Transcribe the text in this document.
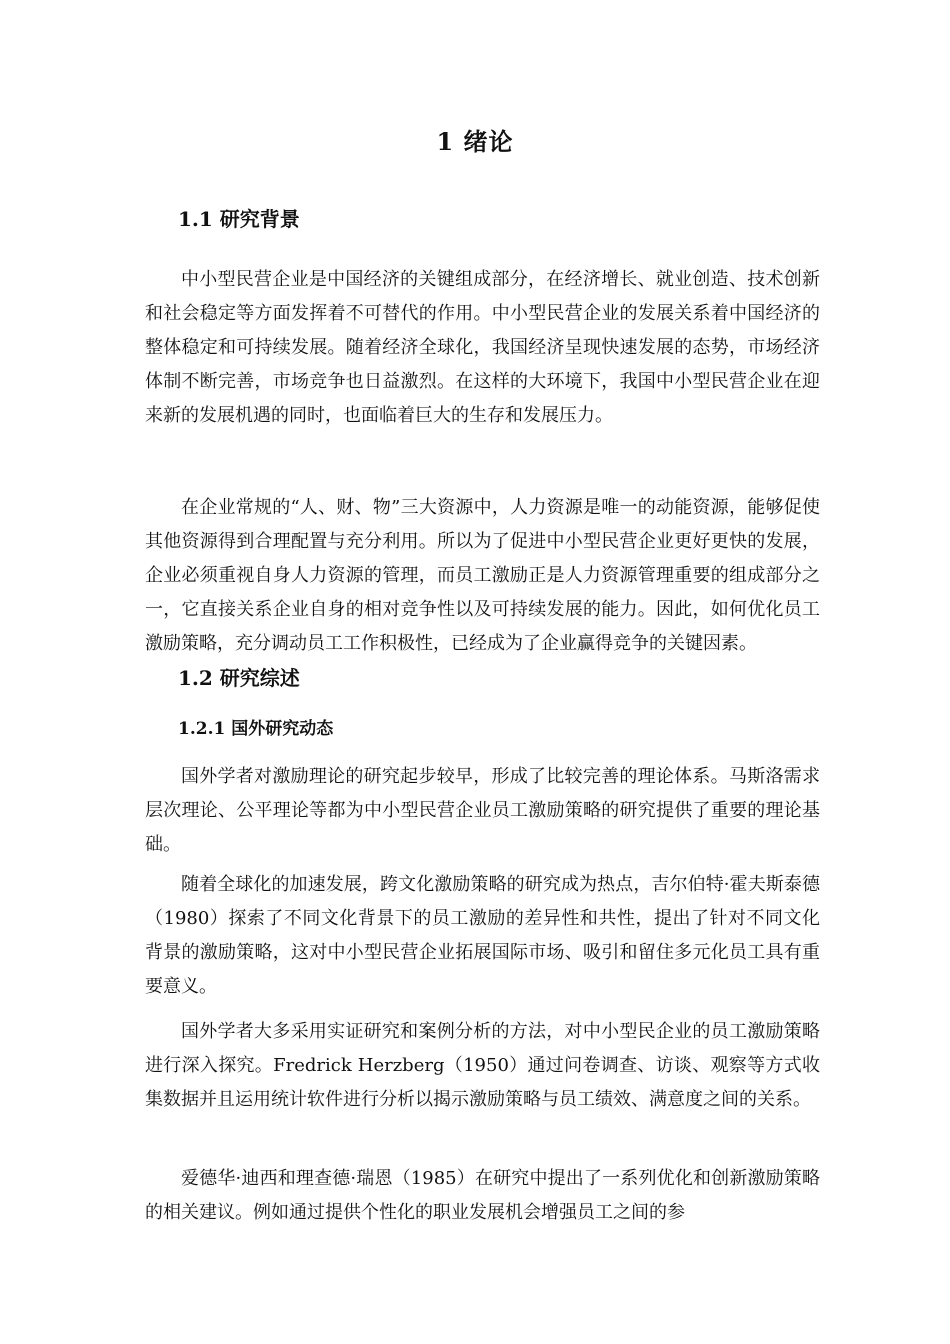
1 绪论
1.1 研究背景

中小型民营企业是中国经济的关键组成部分，在经济增长、就业创造、技术创新和社会稳定等方面发挥着不可替代的作用。中小型民营企业的发展关系着中国经济的整体稳定和可持续发展。随着经济全球化，我国经济呈现快速发展的态势，市场经济体制不断完善，市场竞争也日益激烈。在这样的大环境下，我国中小型民营企业在迎来新的发展机遇的同时，也面临着巨大的生存和发展压力。

在企业常规的“人、财、物”三大资源中，人力资源是唯一的动能资源，能够促使其他资源得到合理配置与充分利用。所以为了促进中小型民营企业更好更快的发展，企业必须重视自身人力资源的管理，而员工激励正是人力资源管理重要的组成部分之一，它直接关系企业自身的相对竞争性以及可持续发展的能力。因此，如何优化员工激励策略，充分调动员工工作积极性，已经成为了企业赢得竞争的关键因素。

1.2 研究综述
1.2.1 国外研究动态

国外学者对激励理论的研究起步较早，形成了比较完善的理论体系。马斯洛需求层次理论、公平理论等都为中小型民营企业员工激励策略的研究提供了重要的理论基础。

随着全球化的加速发展，跨文化激励策略的研究成为热点，吉尔伯特·霍夫斯泰德（1980）探索了不同文化背景下的员工激励的差异性和共性，提出了针对不同文化背景的激励策略，这对中小型民营企业拓展国际市场、吸引和留住多元化员工具有重要意义。

国外学者大多采用实证研究和案例分析的方法，对中小型民企业的员工激励策略进行深入探究。Fredrick Herzberg（1950）通过问卷调查、访谈、观察等方式收集数据并且运用统计软件进行分析以揭示激励策略与员工绩效、满意度之间的关系。

爱德华·迪西和理查德·瑞恩（1985）在研究中提出了一系列优化和创新激励策略的相关建议。例如通过提供个性化的职业发展机会增强员工之间的参
